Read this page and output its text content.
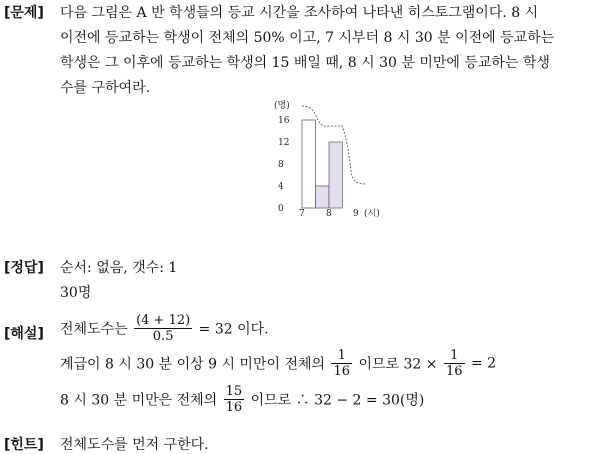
[문제] 다음 그림은 A 반 학생들의 등교 시간을 조사하여 나타낸 히스토그램이다. 8 시
이전에 등교하는 학생이 전체의 50% 이고, 7 시부터 8 시 30 분 이전에 등교하는
학생은 그 이후에 등교하는 학생의 15 배일 때, 8 시 30 분 미만에 등교하는 학생
수를 구하여라.
(명)
(시)
16
12
8
4
0 7 8 9
[정답] 순서: 없음, 갯수: 1
30명
[해설] 전체도수는 $\frac{(4 + 12)}{0.5} = 32$ 이다.
계급이 8 시 30 분 이상 9 시 미만이 전체의 $\frac{1}{16}$ 이므로 $32 \times \frac{1}{16} = 2$
8 시 30 분 미만은 전체의 $\frac{15}{16}$ 이므로 ∴ 32 − 2 = 30(명)
[힌트] 전체도수를 먼저 구한다.
